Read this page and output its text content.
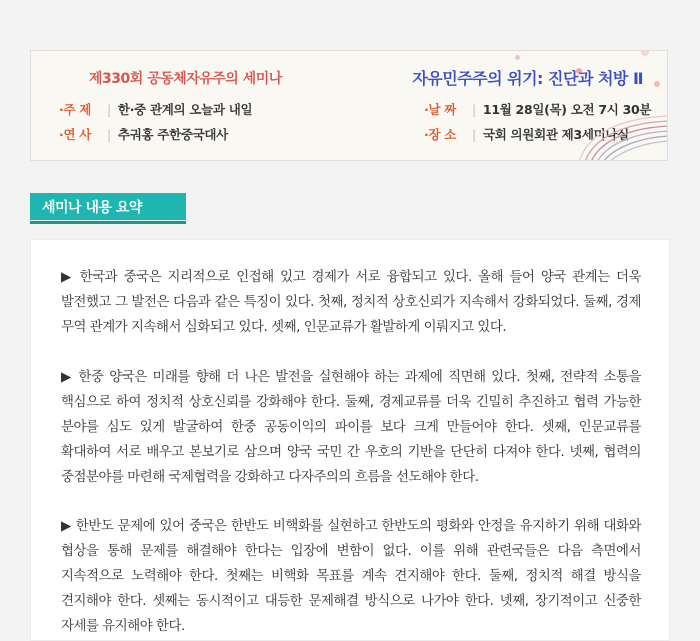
제330회 공동체자유주의 세미나	자유민주주의 위기: 진단과 처방 Ⅱ
·주 제 | 한·중 관계의 오늘과 내일
·연 사 | 추궈홍 주한중국대사
·날 짜 | 11월 28일(목) 오전 7시 30분
·장 소 | 국회 의원회관 제3세미나실
세미나 내용 요약
▶ 한국과 중국은 지리적으로 인접해 있고 경제가 서로 융합되고 있다. 올해 들어 양국 관계는 더욱 발전했고 그 발전은 다음과 같은 특징이 있다. 첫째, 정치적 상호신뢰가 지속해서 강화되었다. 둘째, 경제 무역 관계가 지속해서 심화되고 있다. 셋째, 인문교류가 활발하게 이뤄지고 있다.
▶ 한중 양국은 미래를 향해 더 나은 발전을 실현해야 하는 과제에 직면해 있다. 첫째, 전략적 소통을 핵심으로 하여 정치적 상호신뢰를 강화해야 한다. 둘째, 경제교류를 더욱 긴밀히 추진하고 협력 가능한 분야를 심도 있게 발굴하여 한중 공동이익의 파이를 보다 크게 만들어야 한다. 셋째, 인문교류를 확대하여 서로 배우고 본보기로 삼으며 양국 국민 간 우호의 기반을 단단히 다져야 한다. 넷째, 협력의 중점분야를 마련해 국제협력을 강화하고 다자주의의 흐름을 선도해야 한다.
▶ 한반도 문제에 있어 중국은 한반도 비핵화를 실현하고 한반도의 평화와 안정을 유지하기 위해 대화와 협상을 통해 문제를 해결해야 한다는 입장에 변함이 없다. 이를 위해 관련국들은 다음 측면에서 지속적으로 노력해야 한다. 첫째는 비핵화 목표를 계속 견지해야 한다. 둘째, 정치적 해결 방식을 견지해야 한다. 셋째는 동시적이고 대등한 문제해결 방식으로 나가야 한다. 넷째, 장기적이고 신중한 자세를 유지해야 한다.
